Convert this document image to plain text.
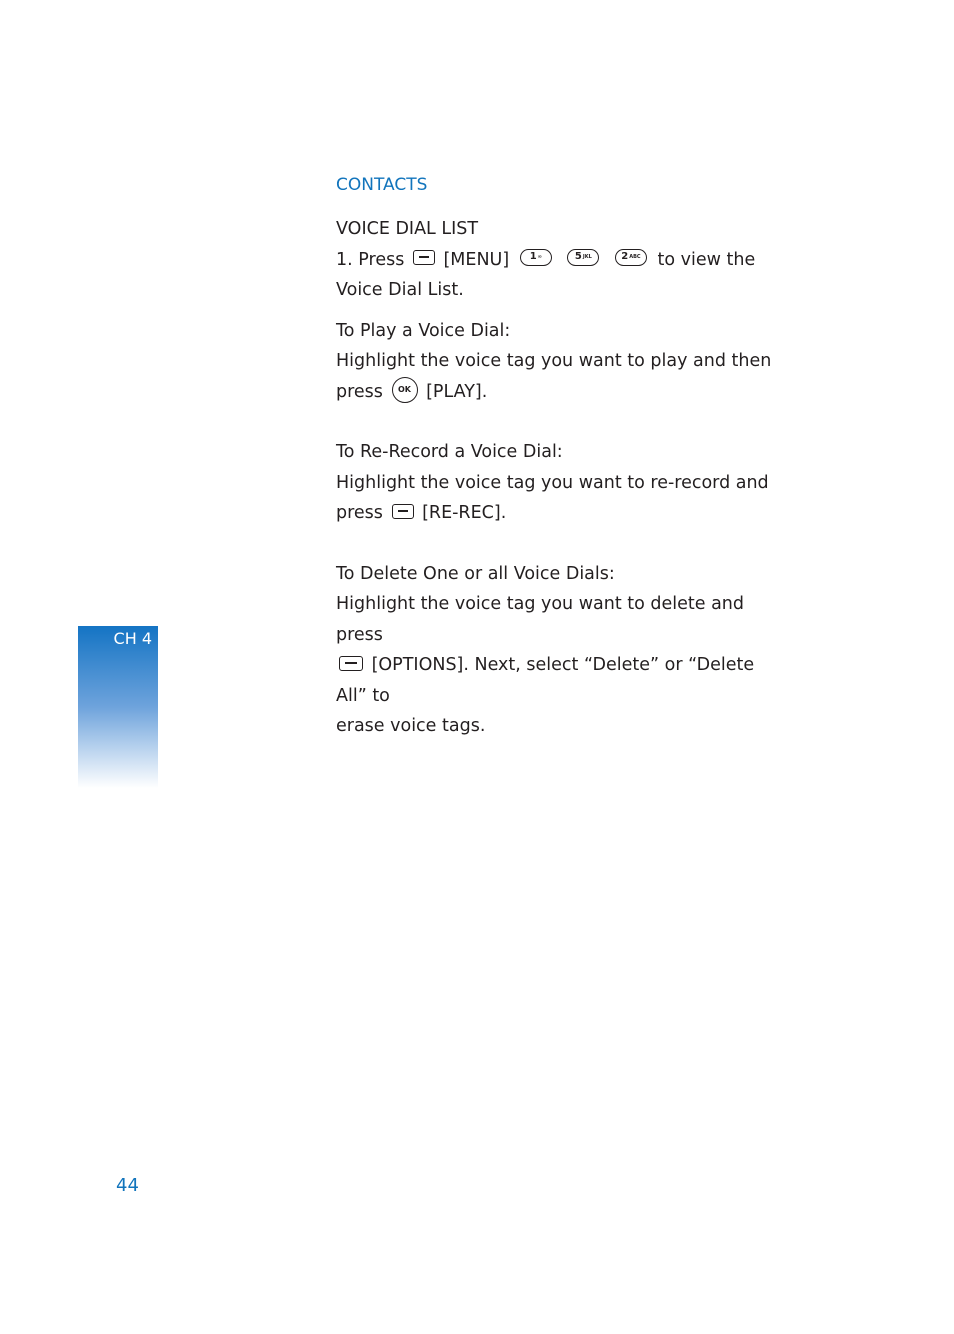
CONTACTS

VOICE DIAL LIST

1. Press [MENU] 1∞	$5^{JKL}$	$2^{ABC}$ to view the

Voice Dial List.

To Play a Voice Dial:

Highlight the voice tag you want to play and then

press OK [PLAY].

To Re-Record a Voice Dial:

Highlight the voice tag you want to re-record and

press [RE-REC].

To Delete One or all Voice Dials:

Highlight the voice tag you want to delete and press

[OPTIONS]. Next, select “Delete” or “Delete All” to

erase voice tags.

CH 4
44
